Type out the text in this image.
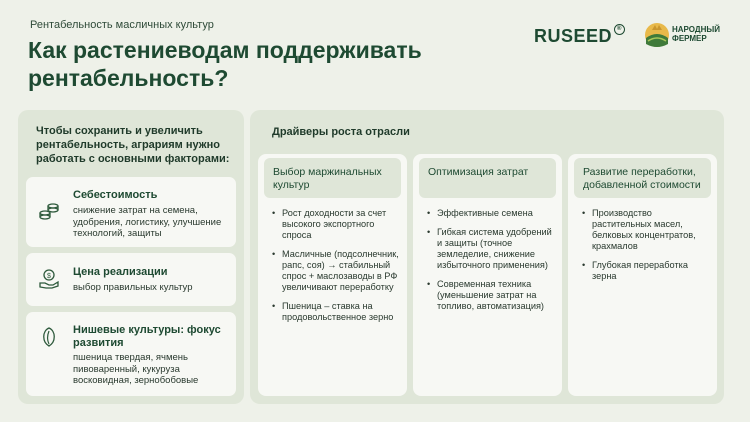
Рентабельность масличных культур
Как растениеводам поддерживать рентабельность?
RUSEED ®	НАРОДНЫЙ
ФЕРМЕР
Чтобы сохранить и увеличить рентабельность, аграриям нужно работать с основными факторами:
Себестоимость
снижение затрат на семена, удобрения, логистику, улучшение технологий, защиты
$ Цена реализации
выбор правильных культур
Нишевые культуры: фокус развития
пшеница твердая, ячмень пивоваренный, кукуруза восковидная, зернобобовые
Драйверы роста отрасли
Выбор маржинальных культур
• Рост доходности за счет высокого экспортного спроса
• Масличные (подсолнечник, рапс, соя) → стабильный спрос + маслозаводы в РФ увеличивают переработку
• Пшеница – ставка на продовольственное зерно
Оптимизация затрат
• Эффективные семена
• Гибкая система удобрений и защиты (точное земледелие, снижение избыточного применения)
• Современная техника (уменьшение затрат на топливо, автоматизация)
Развитие переработки, добавленной стоимости
• Производство растительных масел, белковых концентратов, крахмалов
• Глубокая переработка зерна
